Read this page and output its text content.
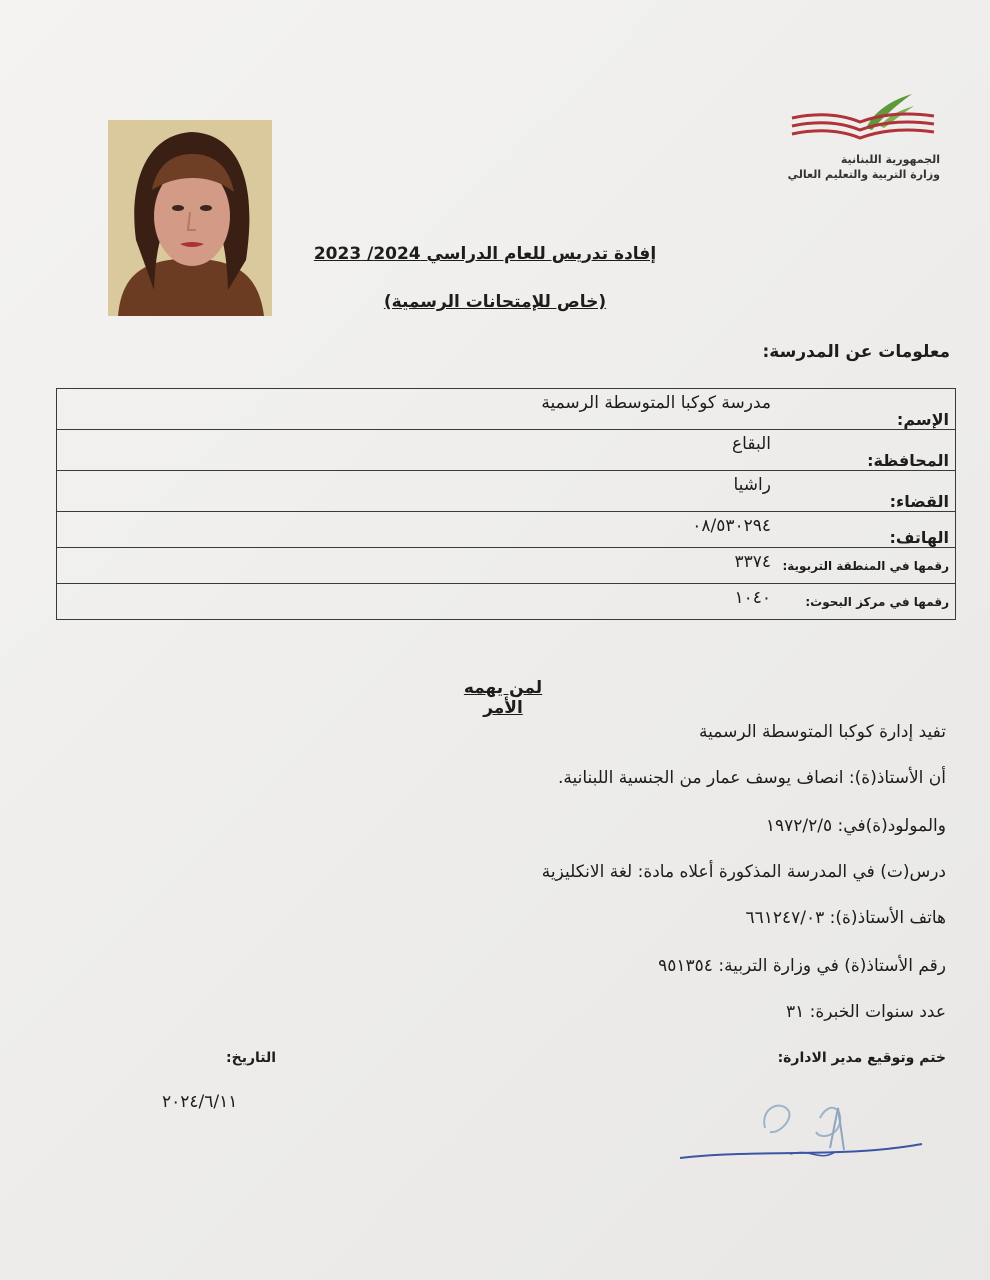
الجمهورية اللبنانية
وزارة التربية والتعليم العالي
إفادة تدريس للعام الدراسي 2024/ 2023
(خاص للإمتحانات الرسمية)
معلومات عن المدرسة:
الإسم:	مدرسة كوكبا المتوسطة الرسمية
المحافظة:	البقاع
القضاء:	راشيا
الهاتف:	٠٨/٥٣٠٢٩٤
رقمها في المنطقة التربوية:	٣٣٧٤
رقمها في مركز البحوث:	١٠٤٠
لمن يهمه الأمر
تفيد إدارة كوكبا المتوسطة الرسمية
أن الأستاذ(ة): انصاف يوسف عمار من الجنسية اللبنانية.
والمولود(ة)في: ١٩٧٢/٢/٥
درس(ت) في المدرسة المذكورة أعلاه مادة: لغة الانكليزية
هاتف الأستاذ(ة): ٦٦١٢٤٧/٠٣
رقم الأستاذ(ة) في وزارة التربية: ٩٥١٣٥٤
عدد سنوات الخبرة: ٣١
ختم وتوقيع مدير الادارة:
التاريخ:
٢٠٢٤/٦/١١
